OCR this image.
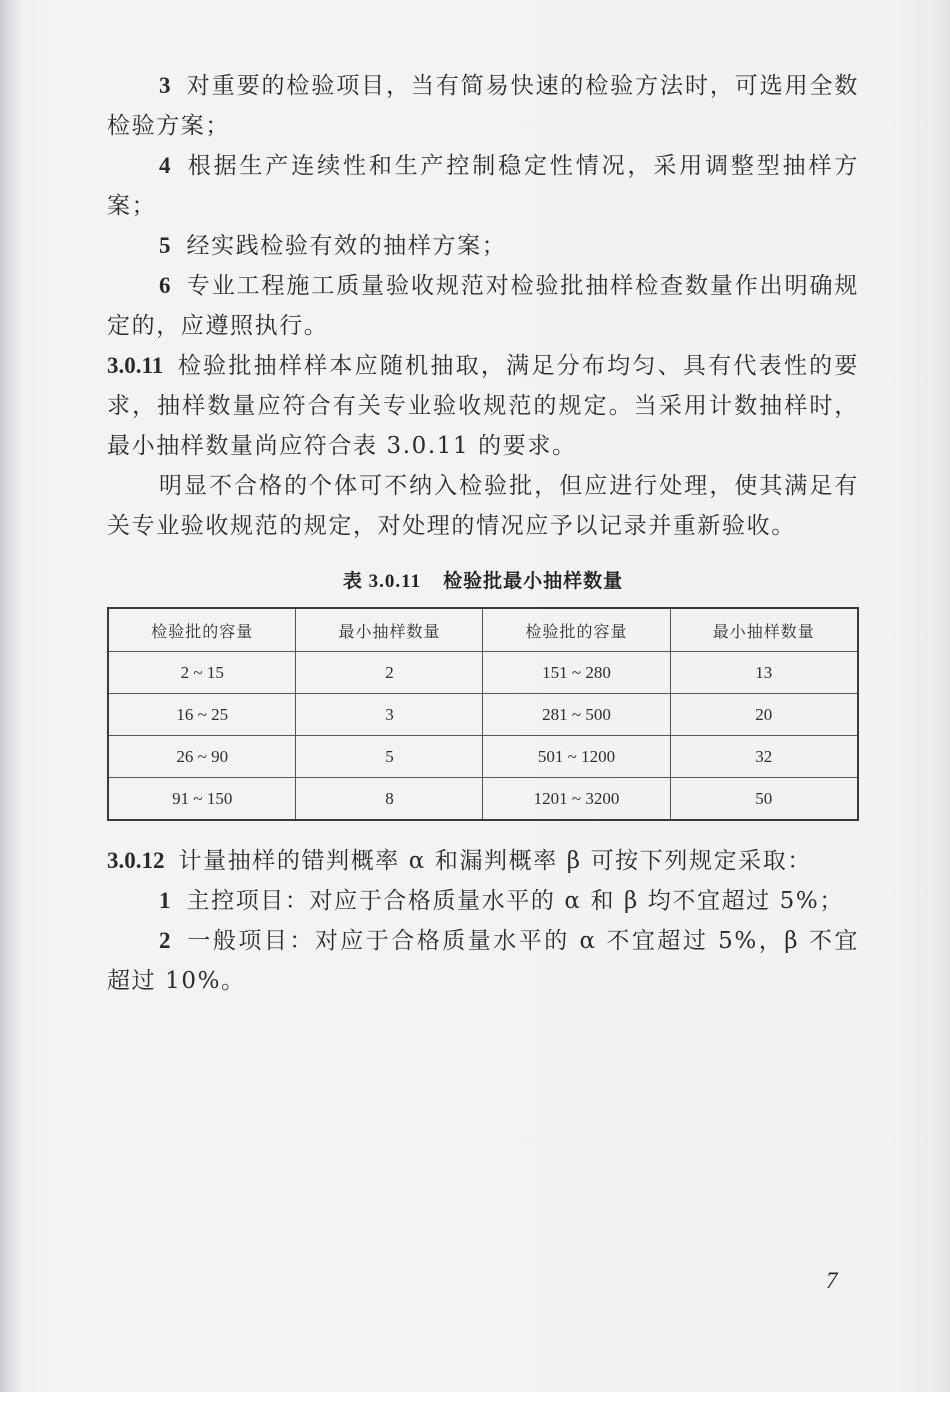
3 对重要的检验项目，当有简易快速的检验方法时，可选用全数检验方案；

4 根据生产连续性和生产控制稳定性情况，采用调整型抽样方案；

5 经实践检验有效的抽样方案；

6 专业工程施工质量验收规范对检验批抽样检查数量作出明确规定的，应遵照执行。

3.0.11 检验批抽样样本应随机抽取，满足分布均匀、具有代表性的要求，抽样数量应符合有关专业验收规范的规定。当采用计数抽样时，最小抽样数量尚应符合表 3.0.11 的要求。

明显不合格的个体可不纳入检验批，但应进行处理，使其满足有关专业验收规范的规定，对处理的情况应予以记录并重新验收。

表 3.0.11 检验批最小抽样数量
检验批的容量	最小抽样数量	检验批的容量	最小抽样数量
2 ~ 15	2	151 ~ 280	13
16 ~ 25	3	281 ~ 500	20
26 ~ 90	5	501 ~ 1200	32
91 ~ 150	8	1201 ~ 3200	50

3.0.12 计量抽样的错判概率 α 和漏判概率 β 可按下列规定采取：

1 主控项目：对应于合格质量水平的 α 和 β 均不宜超过 5%；

2 一般项目：对应于合格质量水平的 α 不宜超过 5%，β 不宜超过 10%。

7
